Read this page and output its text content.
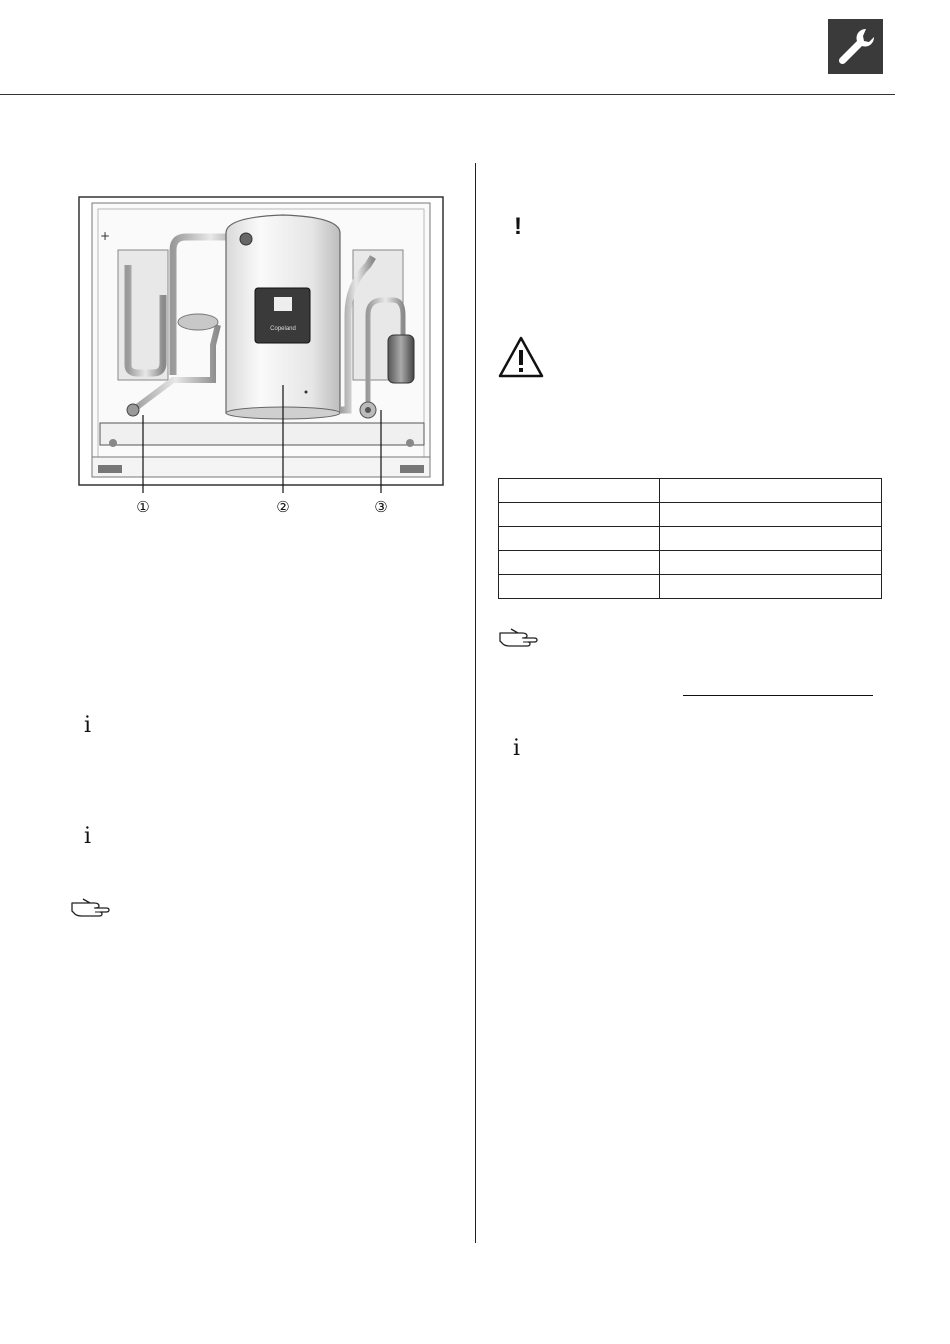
Copeland
+
①	②	③
i
i
!

i
